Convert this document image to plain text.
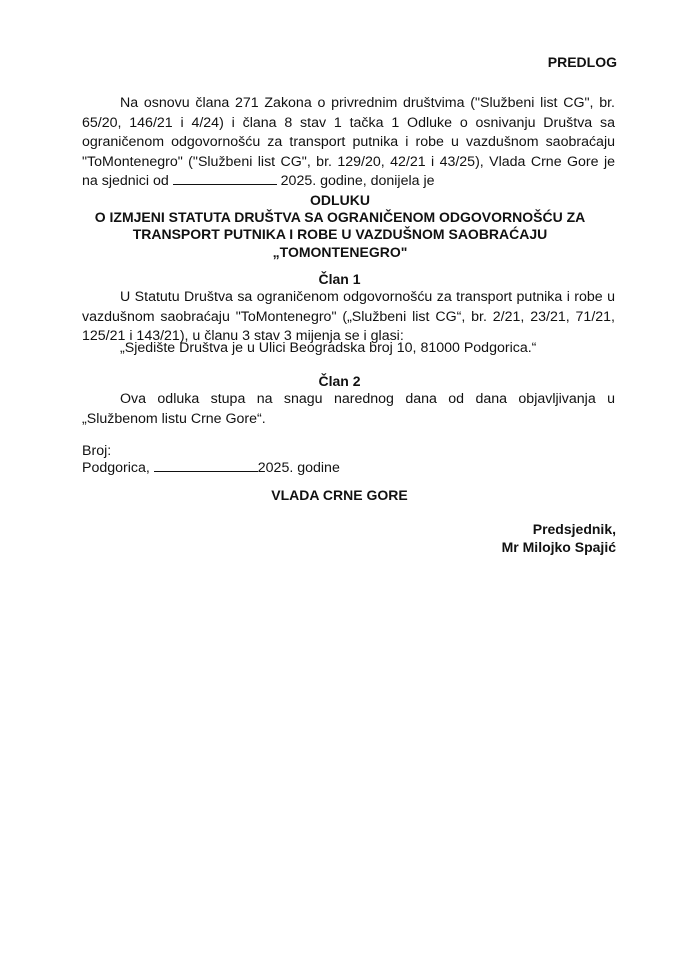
PREDLOG

Na osnovu člana 271 Zakona o privrednim društvima ("Službeni list CG", br. 65/20, 146/21 i 4/24) i člana 8 stav 1 tačka 1 Odluke o osnivanju Društva sa ograničenom odgovornošću za transport putnika i robe u vazdušnom saobraćaju "ToMontenegro" ("Službeni list CG", br. 129/20, 42/21 i 43/25), Vlada Crne Gore je na sjednici od	2025. godine, donijela je

ODLUKU
O IZMJENI STATUTA DRUŠTVA SA OGRANIČENOM ODGOVORNOŠĆU ZA
TRANSPORT PUTNIKA I ROBE U VAZDUŠNOM SAOBRAĆAJU
„TOMONTENEGRO"
Član 1

U Statutu Društva sa ograničenom odgovornošću za transport putnika i robe u vazdušnom saobraćaju "ToMontenegro" („Službeni list CG“, br. 2/21, 23/21, 71/21, 125/21 i 143/21), u članu 3 stav 3 mijenja se i glasi:

„Sjedište Društva je u Ulici Beogradska broj 10, 81000 Podgorica.“

Član 2

Ova odluka stupa na snagu narednog dana od dana objavljivanja u „Službenom listu Crne Gore“.

Broj:
Podgorica,	2025. godine
VLADA CRNE GORE
Predsjednik,
Mr Milojko Spajić
